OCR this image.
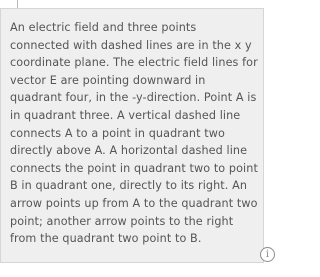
An electric field and three points connected with dashed lines are in the x y coordinate plane. The electric field lines for vector E are pointing downward in quadrant four, in the -y-direction. Point A is in quadrant three. A vertical dashed line connects A to a point in quadrant two directly above A. A horizontal dashed line connects the point in quadrant two to point B in quadrant one, directly to its right. An arrow points up from A to the quadrant two point; another arrow points to the right from the quadrant two point to B.

i
